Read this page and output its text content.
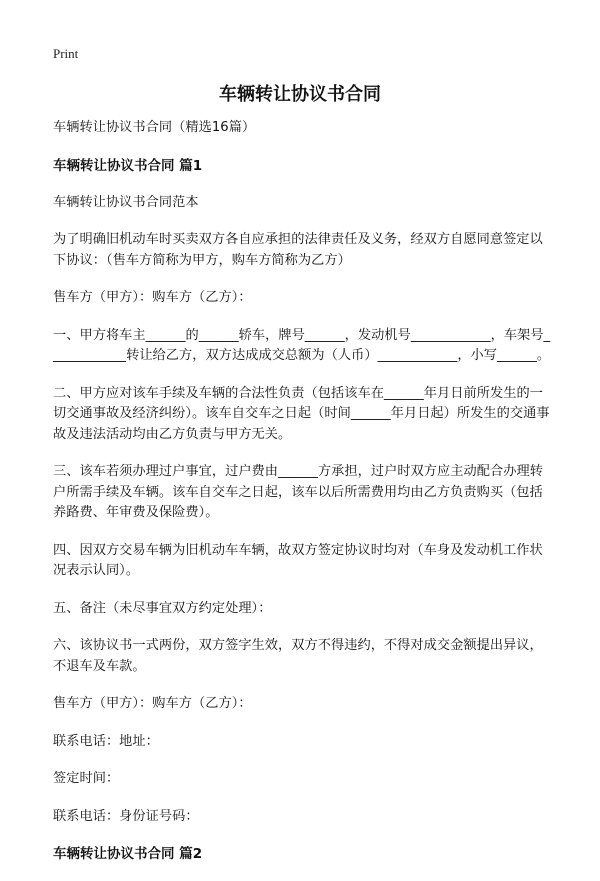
Print
车辆转让协议书合同

车辆转让协议书合同（精选16篇）

车辆转让协议书合同 篇1

车辆转让协议书合同范本

为了明确旧机动车时买卖双方各自应承担的法律责任及义务，经双方自愿同意签定以下协议：（售车方简称为甲方，购车方简称为乙方）

售车方（甲方）：购车方（乙方）：

一、甲方将车主______的______轿车，牌号______，发动机号____________，车架号____________转让给乙方，双方达成成交总额为（人币）____________，小写______。

二、甲方应对该车手续及车辆的合法性负责（包括该车在______年月日前所发生的一切交通事故及经济纠纷）。该车自交车之日起（时间______年月日起）所发生的交通事故及违法活动均由乙方负责与甲方无关。

三、该车若须办理过户事宜，过户费由______方承担，过户时双方应主动配合办理转户所需手续及车辆。该车自交车之日起，该车以后所需费用均由乙方负责购买（包括养路费、年审费及保险费）。

四、因双方交易车辆为旧机动车车辆，故双方签定协议时均对（车身及发动机工作状况表示认同）。

五、备注（未尽事宜双方约定处理）：

六、该协议书一式两份，双方签字生效，双方不得违约，不得对成交金额提出异议，不退车及车款。

售车方（甲方）：购车方（乙方）：

联系电话：地址：

签定时间：

联系电话：身份证号码：

车辆转让协议书合同 篇2
